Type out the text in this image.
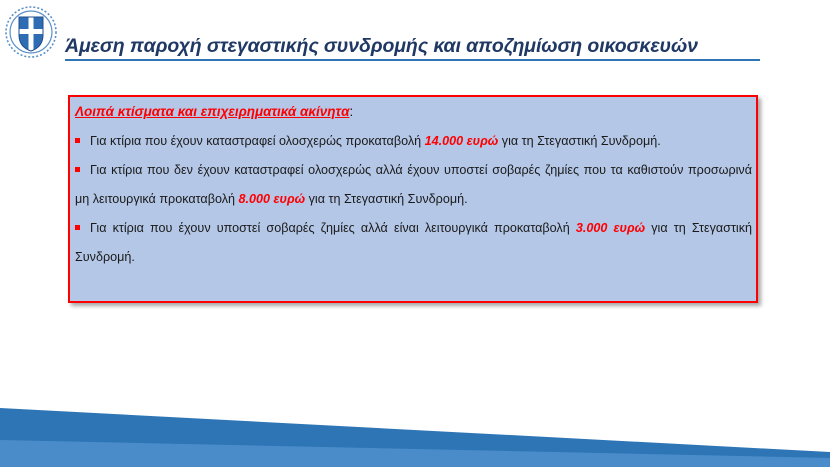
Άμεση παροχή στεγαστικής συνδρομής και αποζημίωση οικοσκευών
Λοιπά κτίσματα και επιχειρηματικά ακίνητα:
Για κτίρια που έχουν καταστραφεί ολοσχερώς προκαταβολή 14.000 ευρώ για τη Στεγαστική Συνδρομή.
Για κτίρια που δεν έχουν καταστραφεί ολοσχερώς αλλά έχουν υποστεί σοβαρές ζημίες που τα καθιστούν προσωρινά μη λειτουργικά προκαταβολή 8.000 ευρώ για τη Στεγαστική Συνδρομή.
Για κτίρια που έχουν υποστεί σοβαρές ζημίες αλλά είναι λειτουργικά προκαταβολή 3.000 ευρώ για τη Στεγαστική Συνδρομή.
